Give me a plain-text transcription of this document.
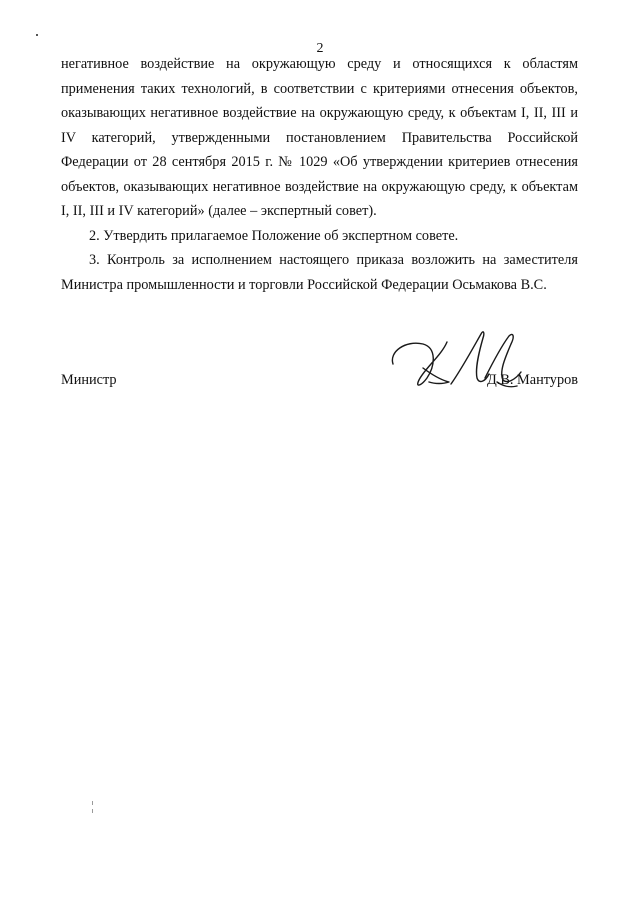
2

негативное воздействие на окружающую среду и относящихся к областям применения таких технологий, в соответствии с критериями отнесения объектов, оказывающих негативное воздействие на окружающую среду, к объектам I, II, III и IV категорий, утвержденными постановлением Правительства Российской Федерации от 28 сентября 2015 г. № 1029 «Об утверждении критериев отнесения объектов, оказывающих негативное воздействие на окружающую среду, к объектам I, II, III и IV категорий» (далее – экспертный совет).

2. Утвердить прилагаемое Положение об экспертном совете.

3. Контроль за исполнением настоящего приказа возложить на заместителя Министра промышленности и торговли Российской Федерации Осьмакова В.С.

Министр	Д.В. Мантуров
